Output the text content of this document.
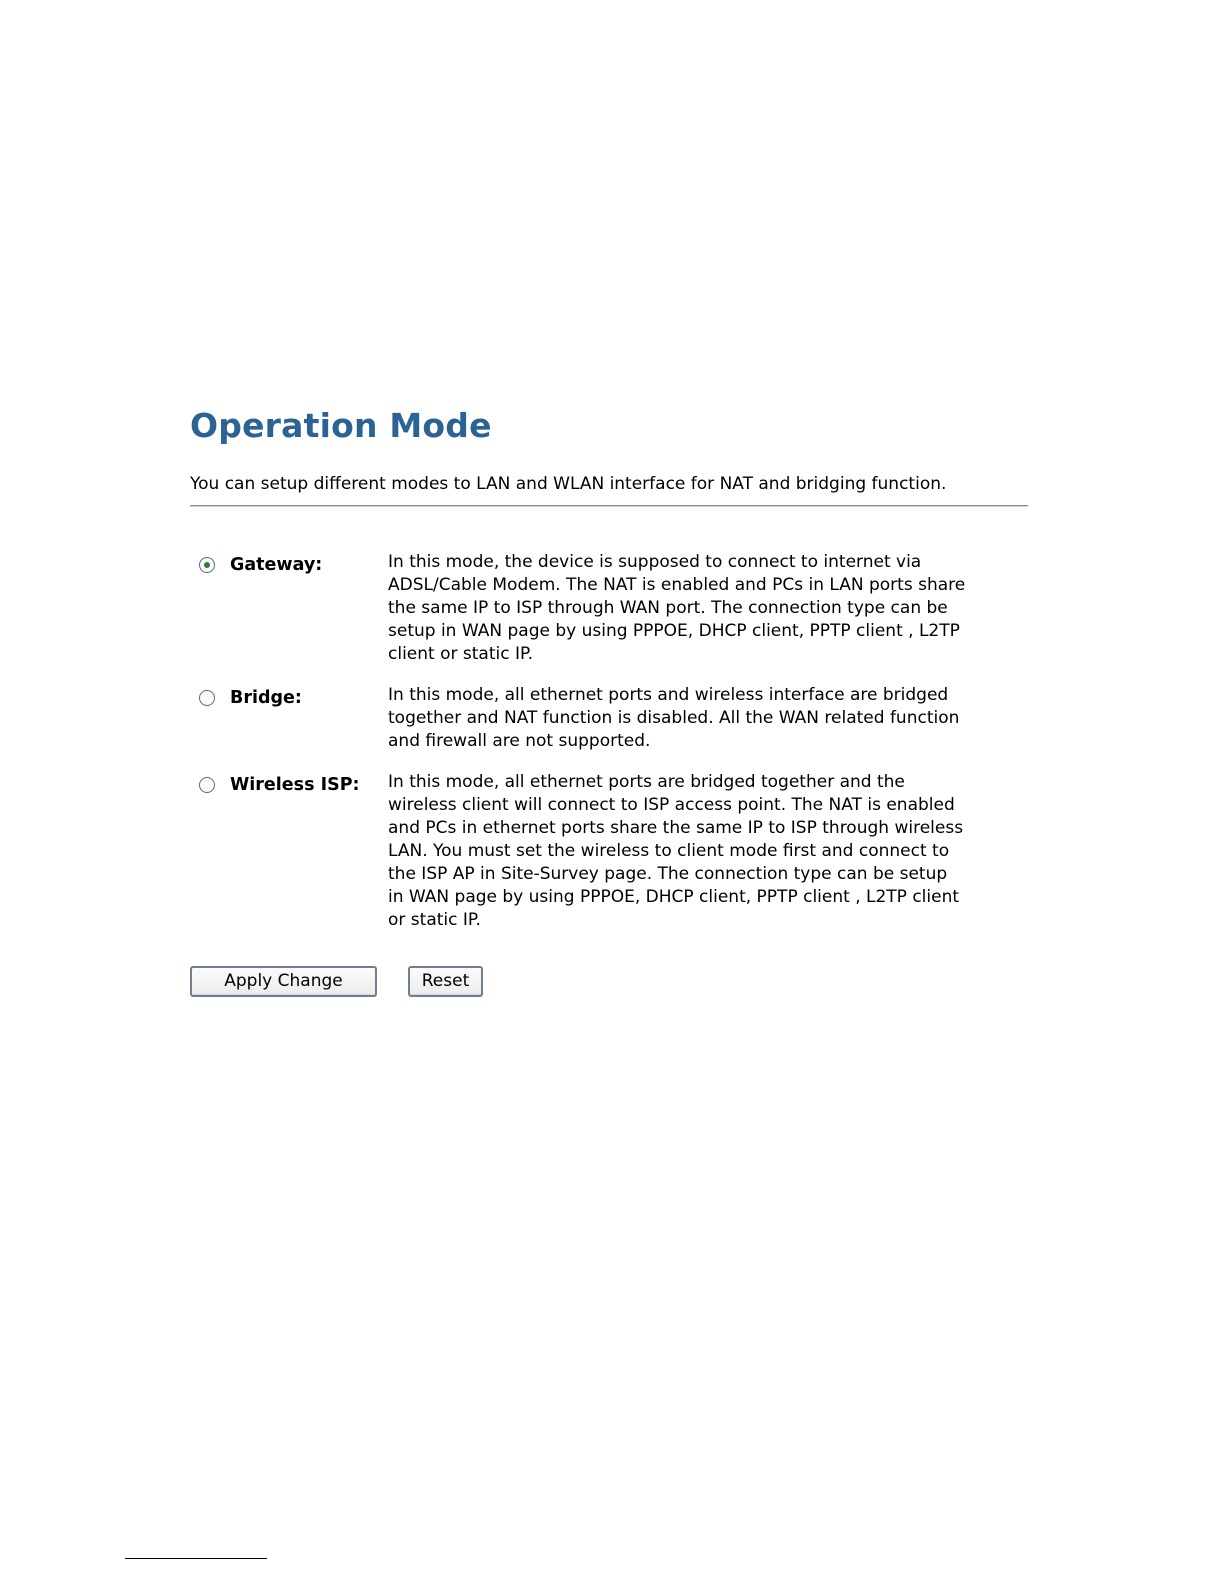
Operation Mode
You can setup different modes to LAN and WLAN interface for NAT and bridging function.
Gateway:	In this mode, the device is supposed to connect to internet via
ADSL/Cable Modem. The NAT is enabled and PCs in LAN ports share
the same IP to ISP through WAN port. The connection type can be
setup in WAN page by using PPPOE, DHCP client, PPTP client , L2TP
client or static IP.
Bridge:	In this mode, all ethernet ports and wireless interface are bridged
together and NAT function is disabled. All the WAN related function
and firewall are not supported.
Wireless ISP: In this mode, all ethernet ports are bridged together and the
wireless client will connect to ISP access point. The NAT is enabled
and PCs in ethernet ports share the same IP to ISP through wireless
LAN. You must set the wireless to client mode first and connect to
the ISP AP in Site-Survey page. The connection type can be setup
in WAN page by using PPPOE, DHCP client, PPTP client , L2TP client
or static IP.
Apply Change	Reset
